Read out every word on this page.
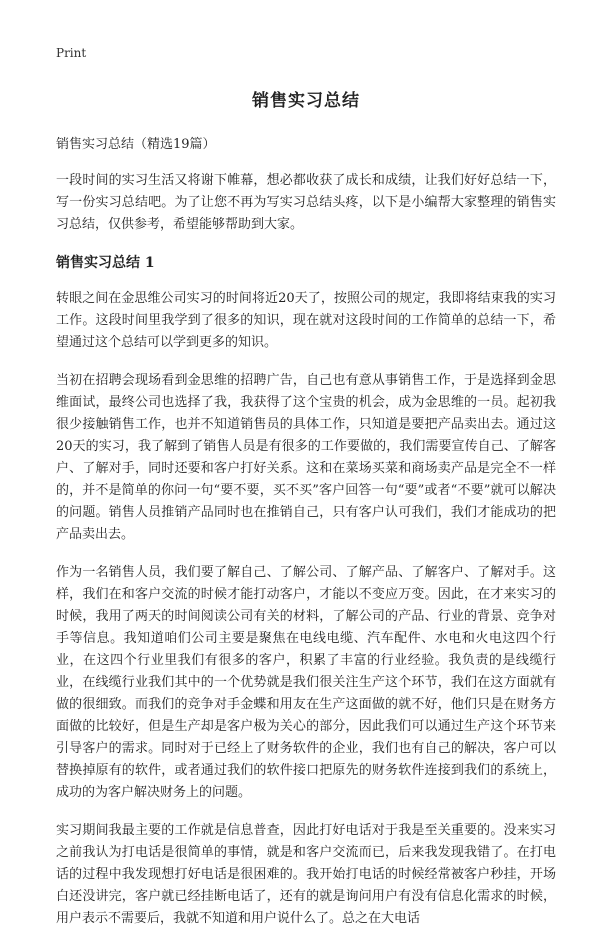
Print
销售实习总结
销售实习总结（精选19篇）

一段时间的实习生活又将谢下帷幕，想必都收获了成长和成绩，让我们好好总结一下，写一份实习总结吧。为了让您不再为写实习总结头疼，以下是小编帮大家整理的销售实习总结，仅供参考，希望能够帮助到大家。

销售实习总结 1

转眼之间在金思维公司实习的时间将近20天了，按照公司的规定，我即将结束我的实习工作。这段时间里我学到了很多的知识，现在就对这段时间的工作简单的总结一下，希望通过这个总结可以学到更多的知识。

当初在招聘会现场看到金思维的招聘广告，自己也有意从事销售工作，于是选择到金思维面试，最终公司也选择了我，我获得了这个宝贵的机会，成为金思维的一员。起初我很少接触销售工作，也并不知道销售员的具体工作，只知道是要把产品卖出去。通过这20天的实习，我了解到了销售人员是有很多的工作要做的，我们需要宣传自己、了解客户、了解对手，同时还要和客户打好关系。这和在菜场买菜和商场卖产品是完全不一样的，并不是简单的你问一句“要不要，买不买”客户回答一句“要”或者“不要”就可以解决的问题。销售人员推销产品同时也在推销自己，只有客户认可我们，我们才能成功的把产品卖出去。

作为一名销售人员，我们要了解自己、了解公司、了解产品、了解客户、了解对手。这样，我们在和客户交流的时候才能打动客户，才能以不变应万变。因此，在才来实习的时候，我用了两天的时间阅读公司有关的材料，了解公司的产品、行业的背景、竞争对手等信息。我知道咱们公司主要是聚焦在电线电缆、汽车配件、水电和火电这四个行业，在这四个行业里我们有很多的客户，积累了丰富的行业经验。我负责的是线缆行业，在线缆行业我们其中的一个优势就是我们很关注生产这个环节，我们在这方面就有做的很细致。而我们的竞争对手金蝶和用友在生产这面做的就不好，他们只是在财务方面做的比较好，但是生产却是客户极为关心的部分，因此我们可以通过生产这个环节来引导客户的需求。同时对于已经上了财务软件的企业，我们也有自己的解决，客户可以替换掉原有的软件，或者通过我们的软件接口把原先的财务软件连接到我们的系统上，成功的为客户解决财务上的问题。

实习期间我最主要的工作就是信息普查，因此打好电话对于我是至关重要的。没来实习之前我认为打电话是很简单的事情，就是和客户交流而已，后来我发现我错了。在打电话的过程中我发现想打好电话是很困难的。我开始打电话的时候经常被客户秒挂，开场白还没讲完，客户就已经挂断电话了，还有的就是询问用户有没有信息化需求的时候，用户表示不需要后，我就不知道和用户说什么了。总之在大电话
